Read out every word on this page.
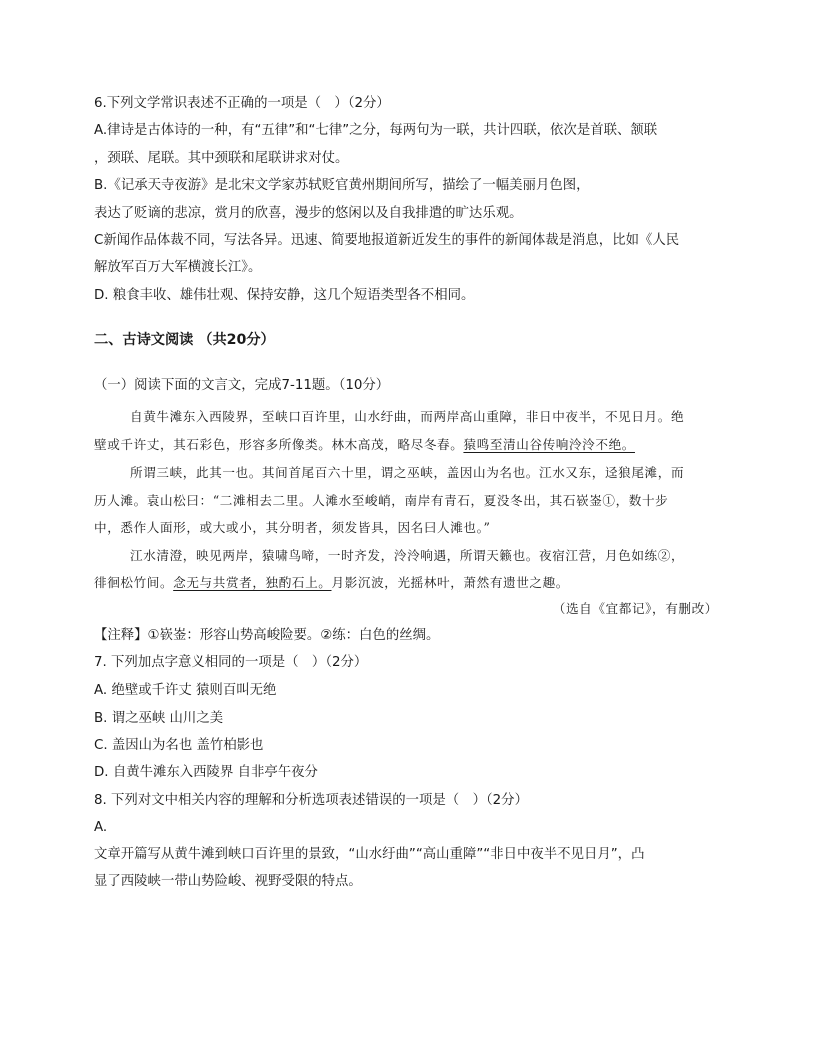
6.下列文学常识表述不正确的一项是（　）（2分）
A.律诗是古体诗的一种，有“五律”和“七律”之分，每两句为一联，共计四联，依次是首联、颔联
，颈联、尾联。其中颈联和尾联讲求对仗。
B.《记承天寺夜游》是北宋文学家苏轼贬官黄州期间所写，描绘了一幅美丽月色图，
表达了贬谪的悲凉，赏月的欣喜，漫步的悠闲以及自我排遣的旷达乐观。
C新闻作品体裁不同，写法各异。迅速、简要地报道新近发生的事件的新闻体裁是消息，比如《人民
解放军百万大军横渡长江》。
D. 粮食丰收、雄伟壮观、保持安静，这几个短语类型各不相同。
二、古诗文阅读 （共20分）
（一）阅读下面的文言文，完成7-11题。（10分）
自黄牛滩东入西陵界，至峡口百许里，山水纡曲，而两岸高山重障，非日中夜半，不见日月。绝
壁或千许丈，其石彩色，形容多所像类。林木高茂，略尽冬春。猿鸣至清山谷传响泠泠不绝。
所谓三峡，此其一也。其间首尾百六十里，谓之巫峡，盖因山为名也。江水又东，迳狼尾滩，而
历人滩。袁山松曰：“二滩相去二里。人滩水至峻峭，南岸有青石，夏没冬出，其石嵚崟①，数十步
中，悉作人面形，或大或小，其分明者，须发皆具，因名曰人滩也。”
江水清澄，映见两岸，猿啸鸟啼，一时齐发，泠泠响遇，所谓天籁也。夜宿江营，月色如练②，
徘徊松竹间。念无与共赏者，独酌石上。月影沉波，光摇林叶，萧然有遗世之趣。
（选自《宜都记》，有删改）
【注释】①嵚崟：形容山势高峻险要。②练：白色的丝绸。
7. 下列加点字意义相同的一项是（　）（2分）
A. 绝壁或千许丈 猿则百叫无绝
B. 谓之巫峡 山川之美
C. 盖因山为名也 盖竹柏影也
D. 自黄牛滩东入西陵界 自非亭午夜分
8. 下列对文中相关内容的理解和分析选项表述错误的一项是（　）（2分）
A.
文章开篇写从黄牛滩到峡口百许里的景致，“山水纡曲”“高山重障”“非日中夜半不见日月”，凸
显了西陵峡一带山势险峻、视野受限的特点。
